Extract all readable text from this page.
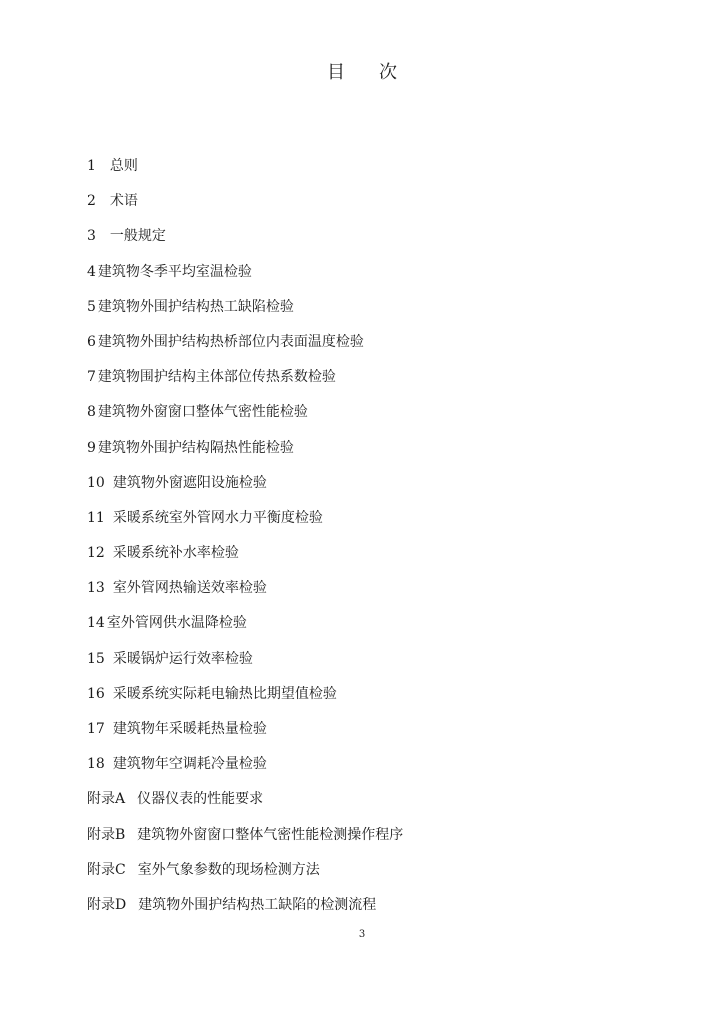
目 次
1 总则
2 术语
3 一般规定
4 建筑物冬季平均室温检验
5 建筑物外围护结构热工缺陷检验
6 建筑物外围护结构热桥部位内表面温度检验
7 建筑物围护结构主体部位传热系数检验
8 建筑物外窗窗口整体气密性能检验
9 建筑物外围护结构隔热性能检验
10 建筑物外窗遮阳设施检验
11 采暖系统室外管网水力平衡度检验
12 采暖系统补水率检验
13 室外管网热输送效率检验
14 室外管网供水温降检验
15 采暖锅炉运行效率检验
16 采暖系统实际耗电输热比期望值检验
17 建筑物年采暖耗热量检验
18 建筑物年空调耗冷量检验
附录A 仪器仪表的性能要求
附录B 建筑物外窗窗口整体气密性能检测操作程序
附录C 室外气象参数的现场检测方法
附录D 建筑物外围护结构热工缺陷的检测流程
3
